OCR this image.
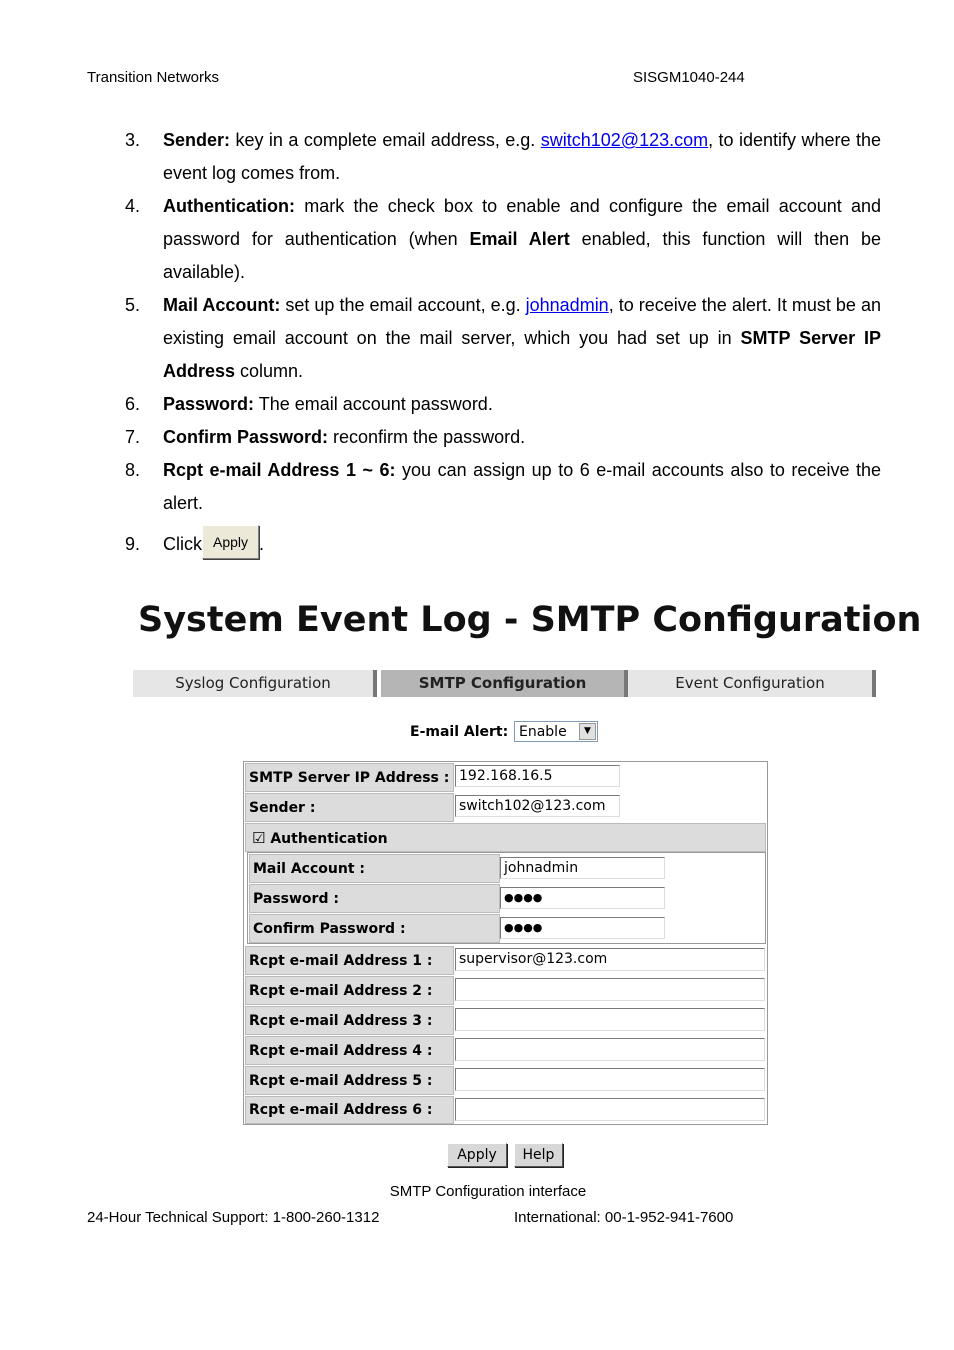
Transition Networks	SISGM1040-244
3. Sender: key in a complete email address, e.g. switch102@123.com, to identify where the event log comes from.
4. Authentication: mark the check box to enable and configure the email account and password for authentication (when Email Alert enabled, this function will then be available).
5. Mail Account: set up the email account, e.g. johnadmin, to receive the alert. It must be an existing email account on the mail server, which you had set up in SMTP Server IP Address column.
6. Password: The email account password.
7. Confirm Password: reconfirm the password.
8. Rcpt e-mail Address 1 ~ 6: you can assign up to 6 e-mail accounts also to receive the alert.
9. Click Apply .
System Event Log - SMTP Configuration
Syslog Configuration	SMTP Configuration	Event Configuration
E-mail Alert: Enable	▼
SMTP Server IP Address : 192.168.16.5
Sender :	switch102@123.com
☑ Authentication
Mail Account :	johnadmin
Password :	●●●●
Confirm Password :	●●●●
Rcpt e-mail Address 1 :	supervisor@123.com
Rcpt e-mail Address 2 :
Rcpt e-mail Address 3 :
Rcpt e-mail Address 4 :
Rcpt e-mail Address 5 :
Rcpt e-mail Address 6 :
Apply	Help
SMTP Configuration interface
24-Hour Technical Support: 1-800-260-1312	International: 00-1-952-941-7600
